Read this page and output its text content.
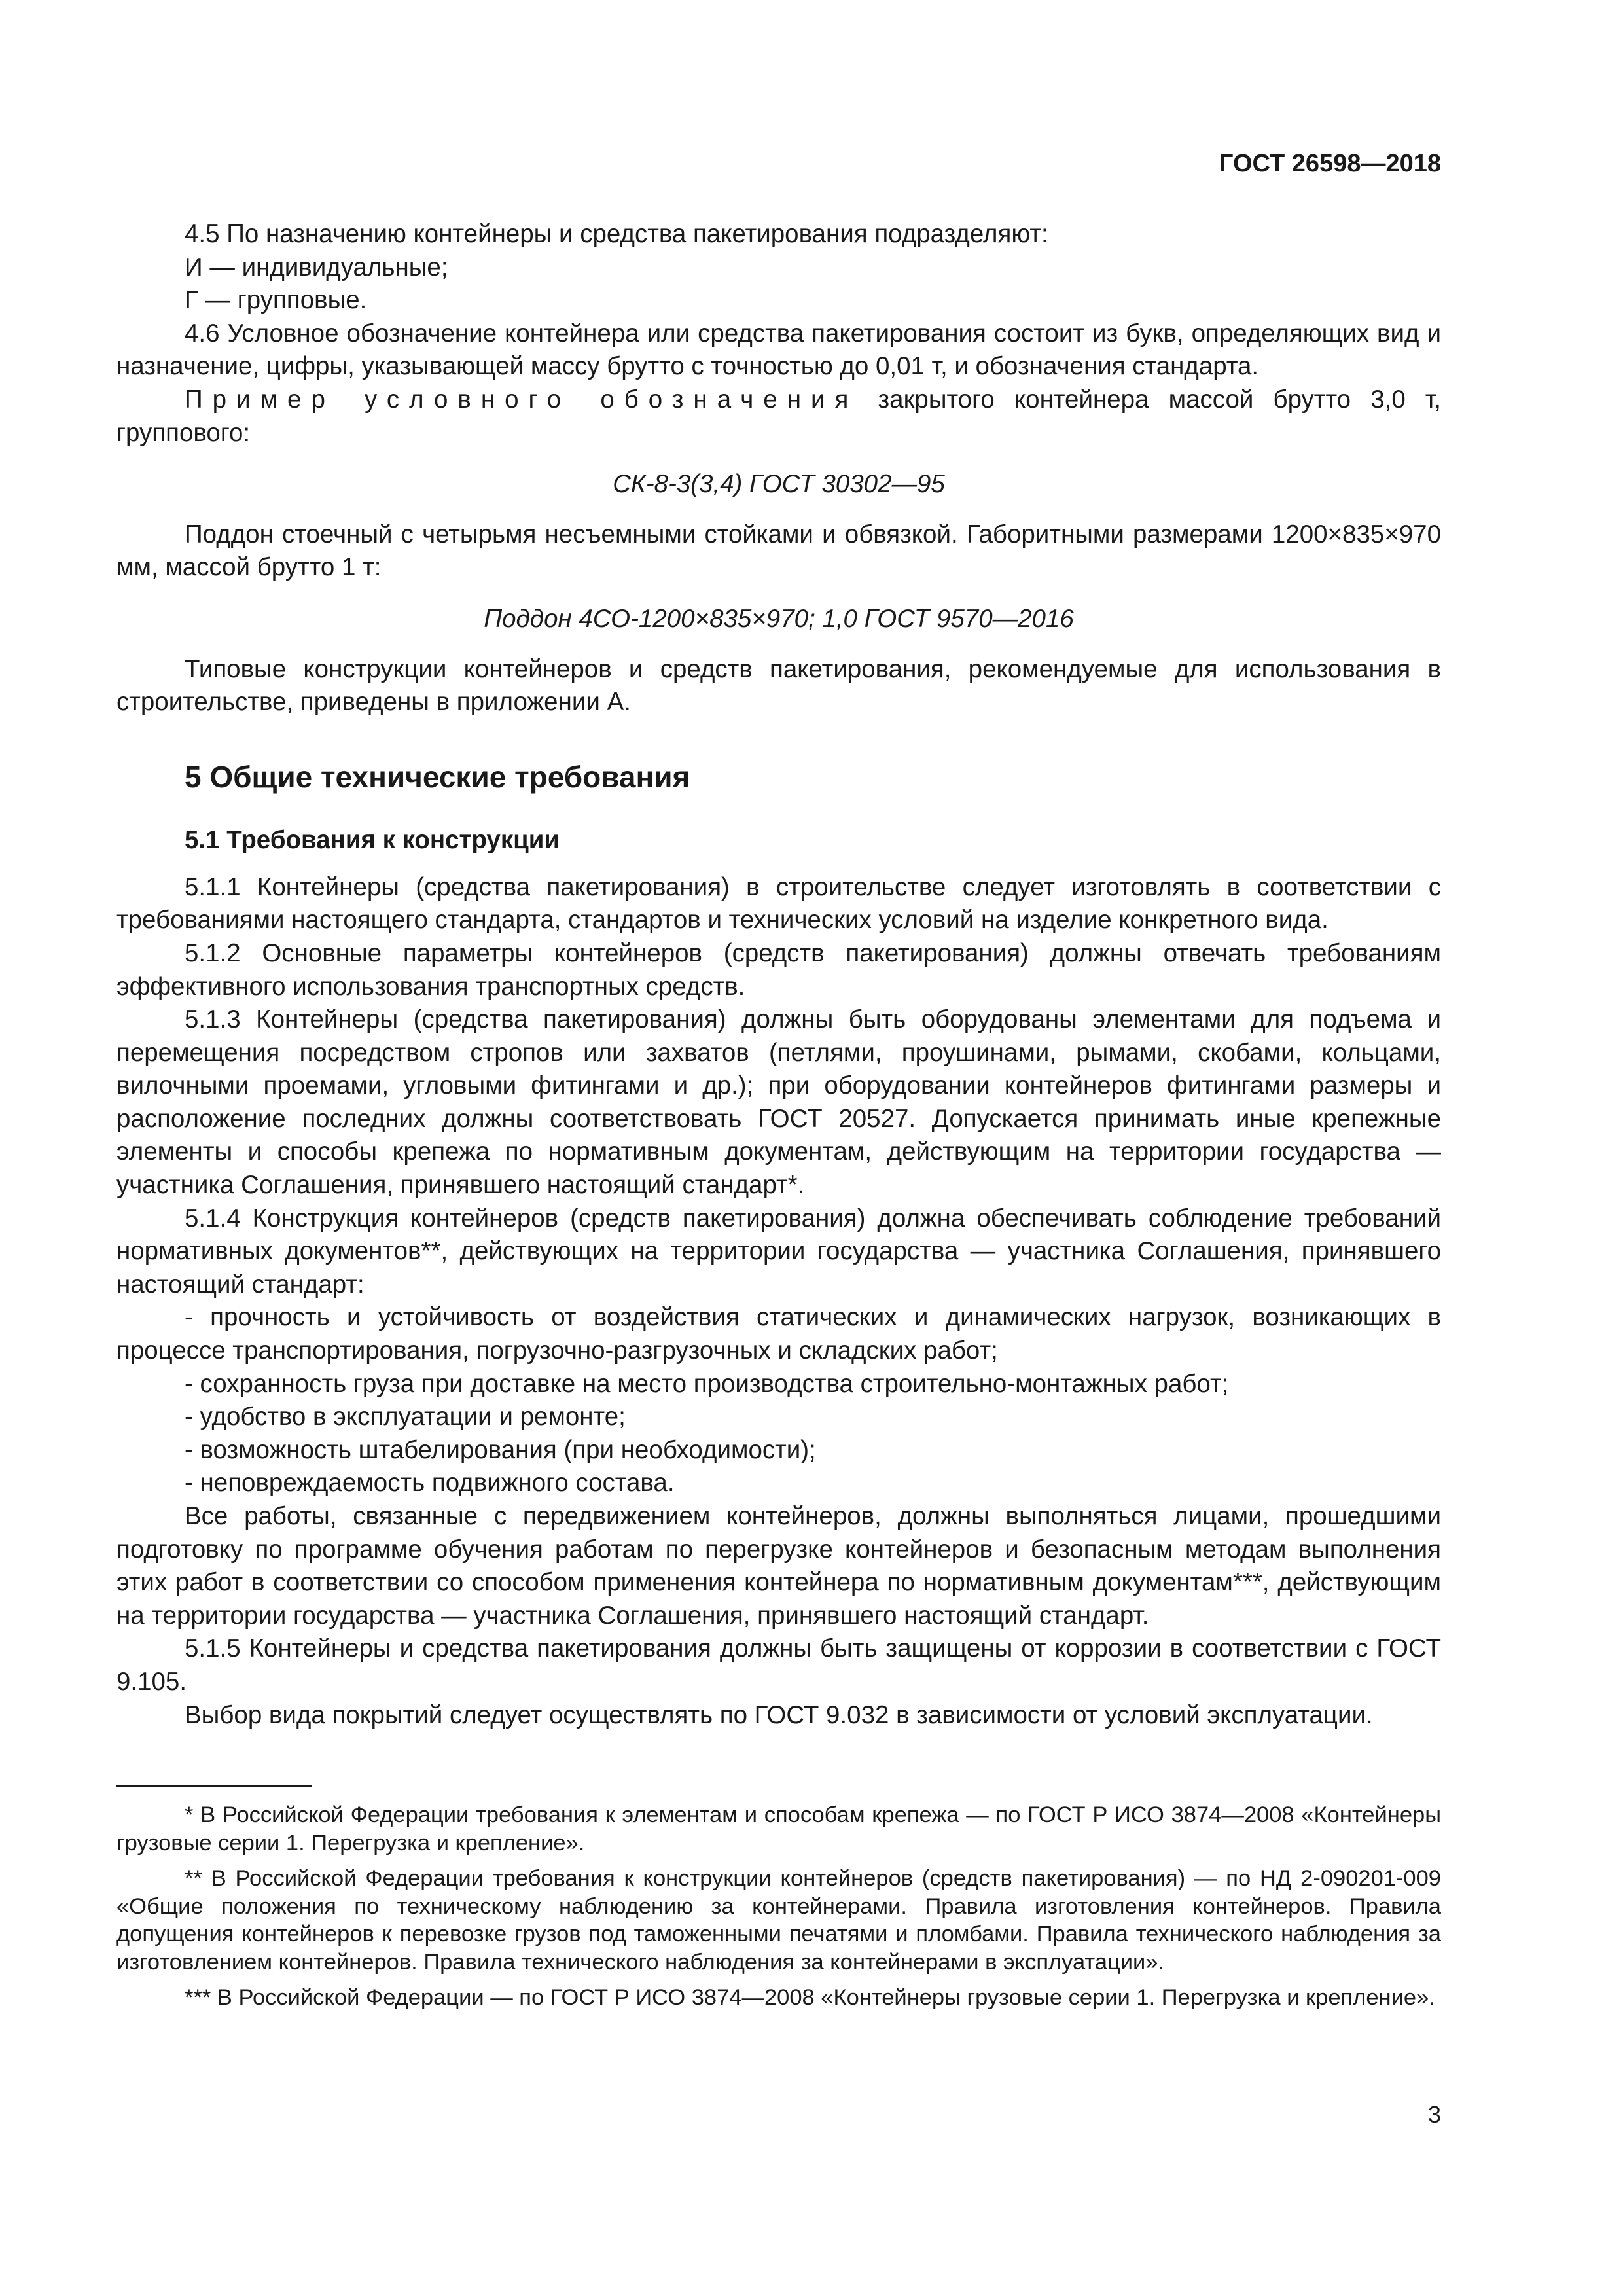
ГОСТ 26598—2018

4.5 По назначению контейнеры и средства пакетирования подразделяют:

И — индивидуальные;

Г — групповые.

4.6 Условное обозначение контейнера или средства пакетирования состоит из букв, определяющих вид и назначение, цифры, указывающей массу брутто с точностью до 0,01 т, и обозначения стандарта.

Пример условного обозначения закрытого контейнера массой брутто 3,0 т, группового:

СК-8-3(3,4) ГОСТ 30302—95

Поддон стоечный с четырьмя несъемными стойками и обвязкой. Габоритными размерами 1200×835×970 мм, массой брутто 1 т:

Поддон 4СО-1200×835×970; 1,0 ГОСТ 9570—2016

Типовые конструкции контейнеров и средств пакетирования, рекомендуемые для использования в строительстве, приведены в приложении А.

5 Общие технические требования
5.1 Требования к конструкции

5.1.1 Контейнеры (средства пакетирования) в строительстве следует изготовлять в соответствии с требованиями настоящего стандарта, стандартов и технических условий на изделие конкретного вида.

5.1.2 Основные параметры контейнеров (средств пакетирования) должны отвечать требованиям эффективного использования транспортных средств.

5.1.3 Контейнеры (средства пакетирования) должны быть оборудованы элементами для подъема и перемещения посредством стропов или захватов (петлями, проушинами, рымами, скобами, кольцами, вилочными проемами, угловыми фитингами и др.); при оборудовании контейнеров фитингами размеры и расположение последних должны соответствовать ГОСТ 20527. Допускается принимать иные крепежные элементы и способы крепежа по нормативным документам, действующим на территории государства — участника Соглашения, принявшего настоящий стандарт*.

5.1.4 Конструкция контейнеров (средств пакетирования) должна обеспечивать соблюдение требований нормативных документов**, действующих на территории государства — участника Соглашения, принявшего настоящий стандарт:

- прочность и устойчивость от воздействия статических и динамических нагрузок, возникающих в процессе транспортирования, погрузочно-разгрузочных и складских работ;

- сохранность груза при доставке на место производства строительно-монтажных работ;

- удобство в эксплуатации и ремонте;

- возможность штабелирования (при необходимости);

- неповреждаемость подвижного состава.

Все работы, связанные с передвижением контейнеров, должны выполняться лицами, прошедшими подготовку по программе обучения работам по перегрузке контейнеров и безопасным методам выполнения этих работ в соответствии со способом применения контейнера по нормативным документам***, действующим на территории государства — участника Соглашения, принявшего настоящий стандарт.

5.1.5 Контейнеры и средства пакетирования должны быть защищены от коррозии в соответствии с ГОСТ 9.105.

Выбор вида покрытий следует осуществлять по ГОСТ 9.032 в зависимости от условий эксплуатации.

* В Российской Федерации требования к элементам и способам крепежа — по ГОСТ Р ИСО 3874—2008 «Контейнеры грузовые серии 1. Перегрузка и крепление».

** В Российской Федерации требования к конструкции контейнеров (средств пакетирования) — по НД 2-090201-009 «Общие положения по техническому наблюдению за контейнерами. Правила изготовления контейнеров. Правила допущения контейнеров к перевозке грузов под таможенными печатями и пломбами. Правила технического наблюдения за изготовлением контейнеров. Правила технического наблюдения за контейнерами в эксплуатации».

*** В Российской Федерации — по ГОСТ Р ИСО 3874—2008 «Контейнеры грузовые серии 1. Перегрузка и крепление».

3
